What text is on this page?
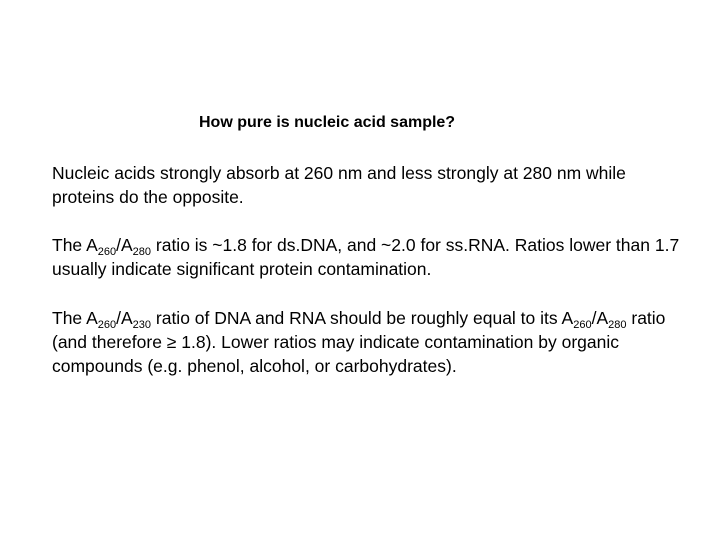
How pure is nucleic acid sample?

Nucleic acids strongly absorb at 260 nm and less strongly at 280 nm while proteins do the opposite.

The $A_{260}/A_{280}$ ratio is ~1.8 for ds.DNA, and ~2.0 for ss.RNA. Ratios lower than 1.7 usually indicate significant protein contamination.

The $A_{260}/A_{230}$ ratio of DNA and RNA should be roughly equal to its $A_{260}/A_{280}$ ratio (and therefore ≥ 1.8). Lower ratios may indicate contamination by organic compounds (e.g. phenol, alcohol, or carbohydrates).
